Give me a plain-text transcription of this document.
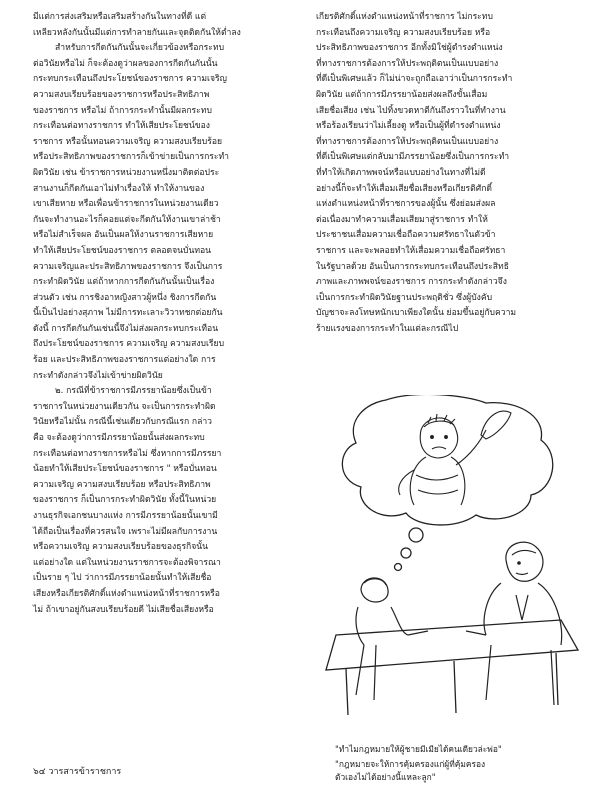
มีแต่การส่งเสริมหรือเสริมสร้างกันในทางที่ดี แต่
เหลียวหลังกันนั้นมีแต่การทำลายกันและจุดติดกันให้ต่ำลง

สำหรับการกีดกันกันนั้นจะเกี่ยวข้องหรือกระทบ
ต่อวินัยหรือไม่ ก็จะต้องดูว่าผลของการกีดกันกันนั้น
กระทบกระเทือนถึงประโยชน์ของราชการ ความเจริญ
ความสงบเรียบร้อยของราชการหรือประสิทธิภาพ
ของราชการ หรือไม่ ถ้าการกระทำนั้นมีผลกระทบ
กระเทือนต่อทางราชการ ทำให้เสียประโยชน์ของ
ราชการ หรือนั้นทอนความเจริญ ความสงบเรียบร้อย
หรือประสิทธิภาพของราชการก็เข้าข่ายเป็นการกระทำ
ผิดวินัย เช่น ข้าราชการหน่วยงานหนึ่งมาติดต่อประ
สานงานก็กีดกันเอาไม่ทำเรื่องให้ ทำให้งานของ
เขาเสียหาย หรือเพื่อนข้าราชการในหน่วยงานเดียว
กันจะทำงานอะไรก็คอยแต่จะกีดกันให้งานเขาล่าช้า
หรือไม่สำเร็จผล อันเป็นผลให้งานราชการเสียหาย
ทำให้เสียประโยชน์ของราชการ ตลอดจนบั่นทอน
ความเจริญและประสิทธิภาพของราชการ จึงเป็นการ
กระทำผิดวินัย แต่ถ้าหากการกีดกันกันนั้นเป็นเรื่อง
ส่วนตัว เช่น การชิงอาหญิงสาวผู้หนึ่ง ชิงการกีดกัน
นี้เป็นไปอย่างสุภาพ ไม่มีการทะเลาะวิวาทชกต่อยกัน
ดังนี้ การกีดกันกันเช่นนี้จึงไม่ส่งผลกระทบกระเทือน
ถึงประโยชน์ของราชการ ความเจริญ ความสงบเรียบ
ร้อย และประสิทธิภาพของราชการแต่อย่างใด การ
กระทำดังกล่าวจึงไม่เข้าข่ายผิดวินัย

๒. กรณีที่ข้าราชการมีภรรยาน้อยซึ่งเป็นข้า
ราชการในหน่วยงานเดียวกัน จะเป็นการกระทำผิด
วินัยหรือไม่นั้น กรณีนี้เช่นเดียวกับกรณีแรก กล่าว
คือ จะต้องดูว่าการมีภรรยาน้อยนั้นส่งผลกระทบ
กระเทือนต่อทางราชการหรือไม่ ซึ่งหากการมีภรรยา
น้อยทำให้เสียประโยชน์ของราชการ " หรือบั่นทอน
ความเจริญ ความสงบเรียบร้อย หรือประสิทธิภาพ
ของราชการ ก็เป็นการกระทำผิดวินัย ทั้งนี้ในหน่วย
งานธุรกิจเอกชนบางแห่ง การมีภรรยาน้อยนั้นเขามี
ได้ถือเป็นเรื่องที่ควรสนใจ เพราะไม่มีผลกับการงาน
หรือความเจริญ ความสงบเรียบร้อยของธุรกิจนั้น
แต่อย่างใด แต่ในหน่วยงานราชการจะต้องพิจารณา
เป็นราย ๆ ไป ว่าการมีภรรยาน้อยนั้นทำให้เสียชื่อ
เสียงหรือเกียรติศักดิ์แห่งตำแหน่งหน้าที่ราชการหรือ
ไม่ ถ้าเขาอยู่กันสงบเรียบร้อยดี ไม่เสียชื่อเสียงหรือ

เกียรติศักดิ์แห่งตำแหน่งหน้าที่ราชการ ไม่กระทบ
กระเทือนถึงความเจริญ ความสงบเรียบร้อย หรือ
ประสิทธิภาพของราชการ อีกทั้งมิใช่ผู้ดำรงตำแหน่ง
ที่ทางราชการต้องการให้ประพฤติตนเป็นแบบอย่าง
ที่ดีเป็นพิเศษแล้ว ก็ไม่น่าจะถูกถือเอาว่าเป็นการกระทำ
ผิดวินัย แต่ถ้าการมีภรรยาน้อยส่งผลถึงขั้นเสื่อม
เสียชื่อเสียง เช่น ไปทิ้งขวดหาตีกันถึงราวในที่ทำงาน
หรือร้องเรียนว่าไม่เลี้ยงดู หรือเป็นผู้ที่ดำรงตำแหน่ง
ที่ทางราชการต้องการให้ประพฤติตนเป็นแบบอย่าง
ที่ดีเป็นพิเศษแต่กลับมามีภรรยาน้อยซึ่งเป็นการกระทำ
ที่ทำให้เกิดภาพพจน์หรือแบบอย่างในทางที่ไม่ดี
อย่างนี้ก็จะทำให้เสื่อมเสียชื่อเสียงหรือเกียรติศักดิ์
แห่งตำแหน่งหน้าที่ราชการของผู้นั้น ซึ่งย่อมส่งผล
ต่อเนื่องมาทำความเสื่อมเสียมาสู่ราชการ ทำให้
ประชาชนเสื่อมความเชื่อถือความศรัทธาในตัวข้า
ราชการ และจะพลอยทำให้เสื่อมความเชื่อถือศรัทธา
ในรัฐบาลด้วย อันเป็นการกระทบกระเทือนถึงประสิทธิ
ภาพและภาพพจน์ของราชการ การกระทำดังกล่าวจึง
เป็นการกระทำผิดวินัยฐานประพฤติชั่ว ซึ่งผู้บังคับ
บัญชาจะลงโทษหนักเบาเพียงใดนั้น ย่อมขึ้นอยู่กับความ
ร้ายแรงของการกระทำในแต่ละกรณีไป

"ทำไมกฎหมายให้ผู้ชายมีเมียได้คนเดียวล่ะพ่อ"
"กฎหมายจะให้การคุ้มครองแก่ผู้ที่คุ้มครอง
ตัวเองไม่ได้อย่างนี้แหละลูก"
๖๔ วารสารข้าราชการ
